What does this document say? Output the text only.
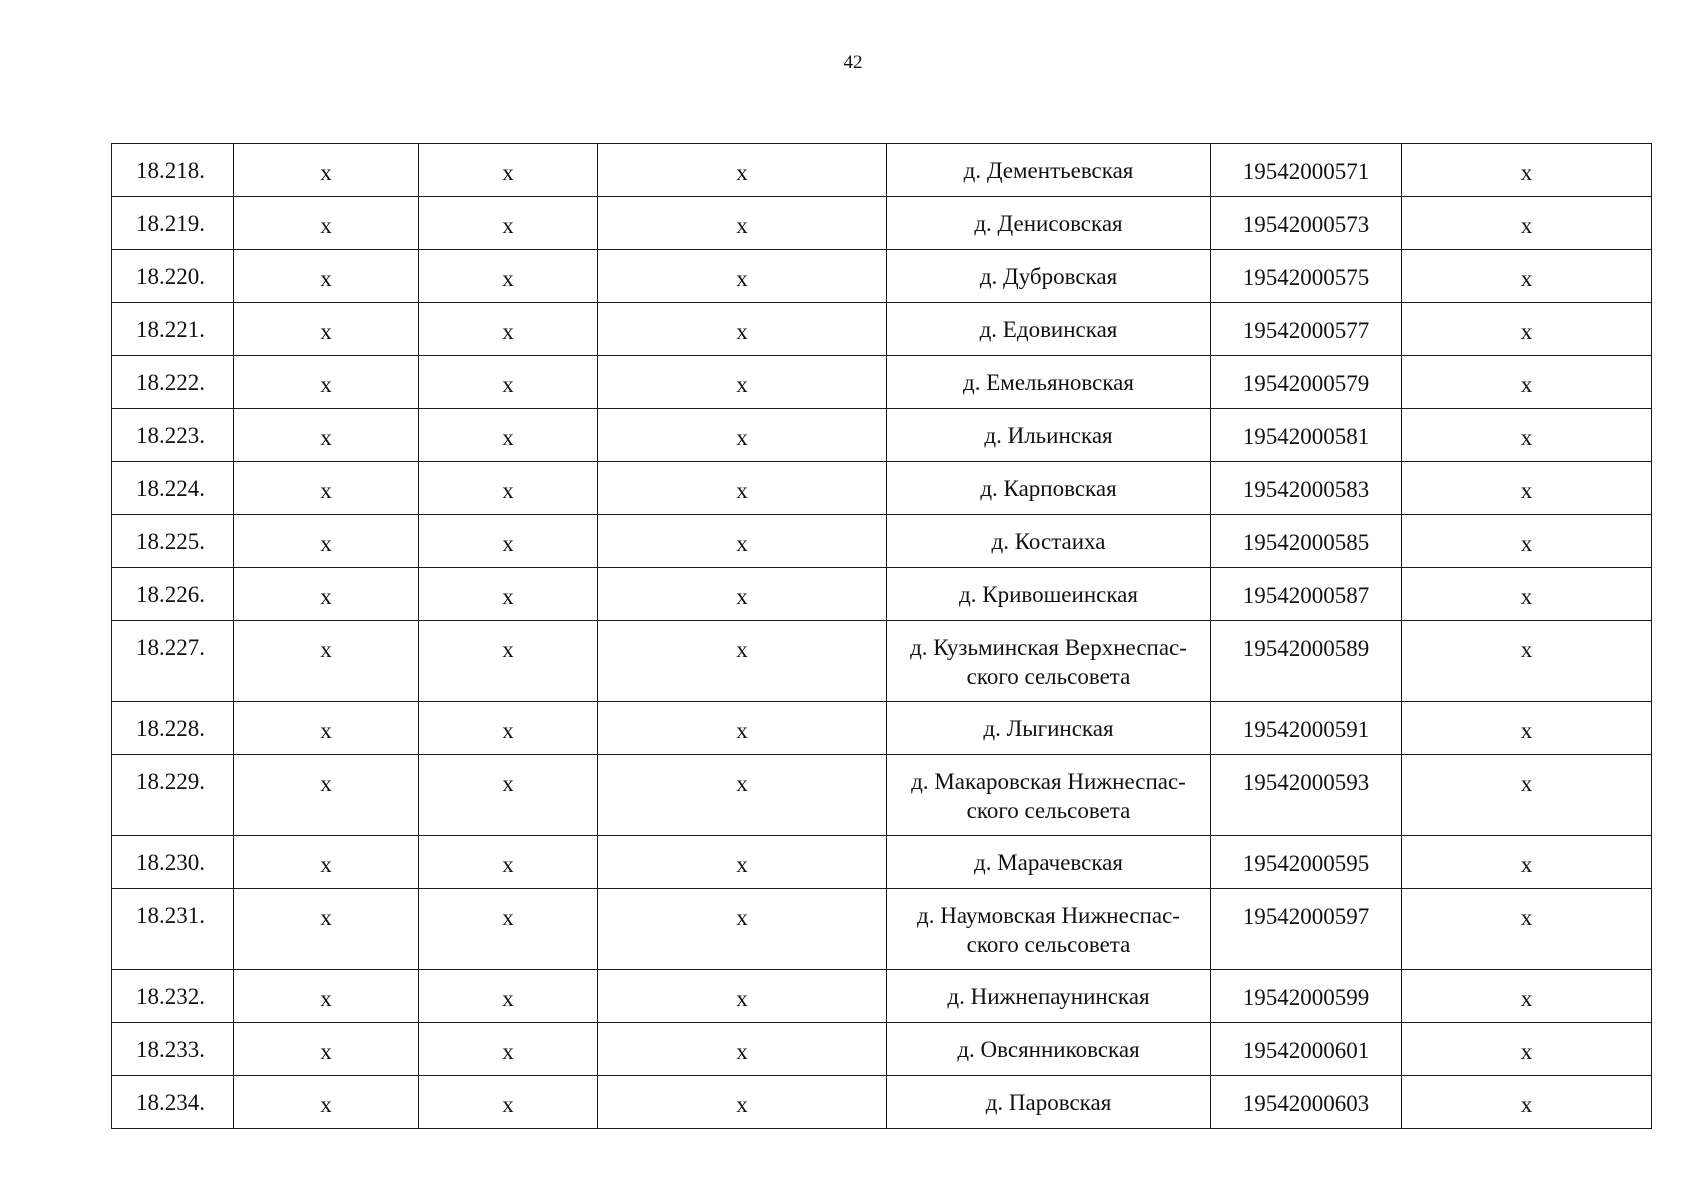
42
18.218.	х	х	х	д. Дементьевская	19542000571	х
18.219.	х	х	х	д. Денисовская	19542000573	х
18.220.	х	х	х	д. Дубровская	19542000575	х
18.221.	х	х	х	д. Едовинская	19542000577	х
18.222.	х	х	х	д. Емельяновская	19542000579	х
18.223.	х	х	х	д. Ильинская	19542000581	х
18.224.	х	х	х	д. Карповская	19542000583	х
18.225.	х	х	х	д. Костаиха	19542000585	х
18.226.	х	х	х	д. Кривошеинская	19542000587	х
18.227.	х	х	х	д. Кузьминская Верхнеспас-
ского сельсовета	19542000589	х
18.228.	х	х	х	д. Лыгинская	19542000591	х
18.229.	х	х	х	д. Макаровская Нижнеспас-
ского сельсовета	19542000593	х
18.230.	х	х	х	д. Марачевская	19542000595	х
18.231.	х	х	х	д. Наумовская Нижнеспас-
ского сельсовета	19542000597	х
18.232.	х	х	х	д. Нижнепаунинская	19542000599	х
18.233.	х	х	х	д. Овсянниковская	19542000601	х
18.234.	х	х	х	д. Паровская	19542000603	х
